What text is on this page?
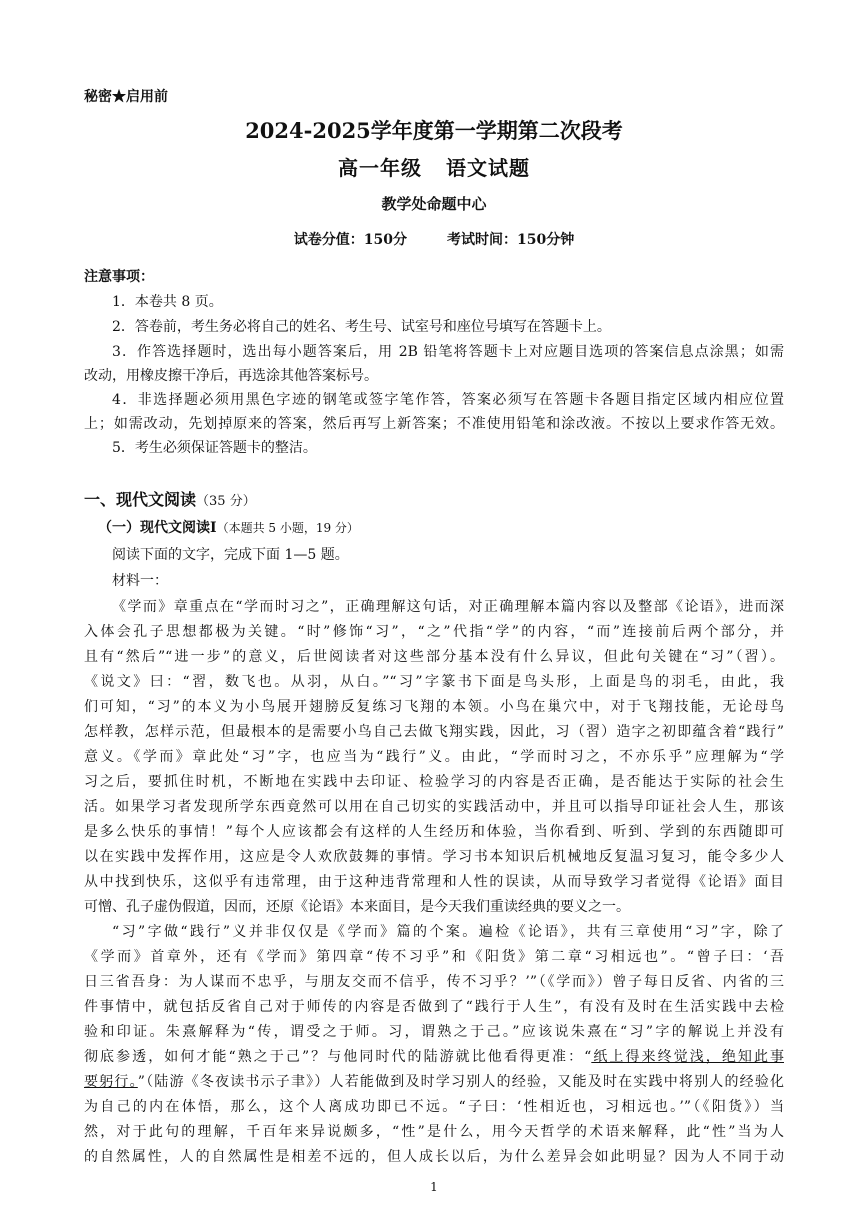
秘密★启用前
2024-2025学年度第一学期第二次段考
高一年级 语文试题
教学处命题中心
试卷分值：150分	考试时间：150分钟
注意事项：
1．本卷共 8 页。
2．答卷前，考生务必将自己的姓名、考生号、试室号和座位号填写在答题卡上。
3．作答选择题时，选出每小题答案后，用 2B 铅笔将答题卡上对应题目选项的答案信息点涂黑；如需
改动，用橡皮擦干净后，再选涂其他答案标号。
4．非选择题必须用黑色字迹的钢笔或签字笔作答，答案必须写在答题卡各题目指定区域内相应位置
上；如需改动，先划掉原来的答案，然后再写上新答案；不准使用铅笔和涂改液。不按以上要求作答无效。
5．考生必须保证答题卡的整洁。
一、现代文阅读（35 分）
（一）现代文阅读Ⅰ（本题共 5 小题，19 分）
阅读下面的文字，完成下面 1—5 题。
材料一：
《学而》章重点在“学而时习之”，正确理解这句话，对正确理解本篇内容以及整部《论语》，进而深
入体会孔子思想都极为关键。“时”修饰“习”，“之”代指“学”的内容，“而”连接前后两个部分，并
且有“然后”“进一步”的意义，后世阅读者对这些部分基本没有什么异议，但此句关键在“习”（習）。
《说文》曰：“習，数飞也。从羽，从白。”“习”字篆书下面是鸟头形，上面是鸟的羽毛，由此，我
们可知，“习”的本义为小鸟展开翅膀反复练习飞翔的本领。小鸟在巢穴中，对于飞翔技能，无论母鸟
怎样教，怎样示范，但最根本的是需要小鸟自己去做飞翔实践，因此，习（習）造字之初即蕴含着“践行”
意义。《学而》章此处“习”字，也应当为“践行”义。由此，“学而时习之，不亦乐乎”应理解为“学
习之后，要抓住时机，不断地在实践中去印证、检验学习的内容是否正确，是否能达于实际的社会生
活。如果学习者发现所学东西竟然可以用在自己切实的实践活动中，并且可以指导印证社会人生，那该
是多么快乐的事情！”每个人应该都会有这样的人生经历和体验，当你看到、听到、学到的东西随即可
以在实践中发挥作用，这应是令人欢欣鼓舞的事情。学习书本知识后机械地反复温习复习，能令多少人
从中找到快乐，这似乎有违常理，由于这种违背常理和人性的误读，从而导致学习者觉得《论语》面目
可憎、孔子虚伪假道，因而，还原《论语》本来面目，是今天我们重读经典的要义之一。
“习”字做“践行”义并非仅仅是《学而》篇的个案。遍检《论语》，共有三章使用“习”字，除了
《学而》首章外，还有《学而》第四章“传不习乎”和《阳货》第二章“习相远也”。“曾子曰：‘吾
日三省吾身：为人谋而不忠乎，与朋友交而不信乎，传不习乎？’”（《学而》）曾子每日反省、内省的三
件事情中，就包括反省自己对于师传的内容是否做到了“践行于人生”，有没有及时在生活实践中去检
验和印证。朱熹解释为“传，谓受之于师。习，谓熟之于己。”应该说朱熹在“习”字的解说上并没有
彻底参透，如何才能“熟之于己”？与他同时代的陆游就比他看得更准：“纸上得来终觉浅，绝知此事
要躬行。”（陆游《冬夜读书示子聿》）人若能做到及时学习别人的经验，又能及时在实践中将别人的经验化
为自己的内在体悟，那么，这个人离成功即已不远。“子曰：‘性相近也，习相远也。’”（《阳货》）当
然，对于此句的理解，千百年来异说颇多，“性”是什么，用今天哲学的术语来解释，此“性”当为人
的自然属性，人的自然属性是相差不远的，但人成长以后，为什么差异会如此明显？因为人不同于动
1
